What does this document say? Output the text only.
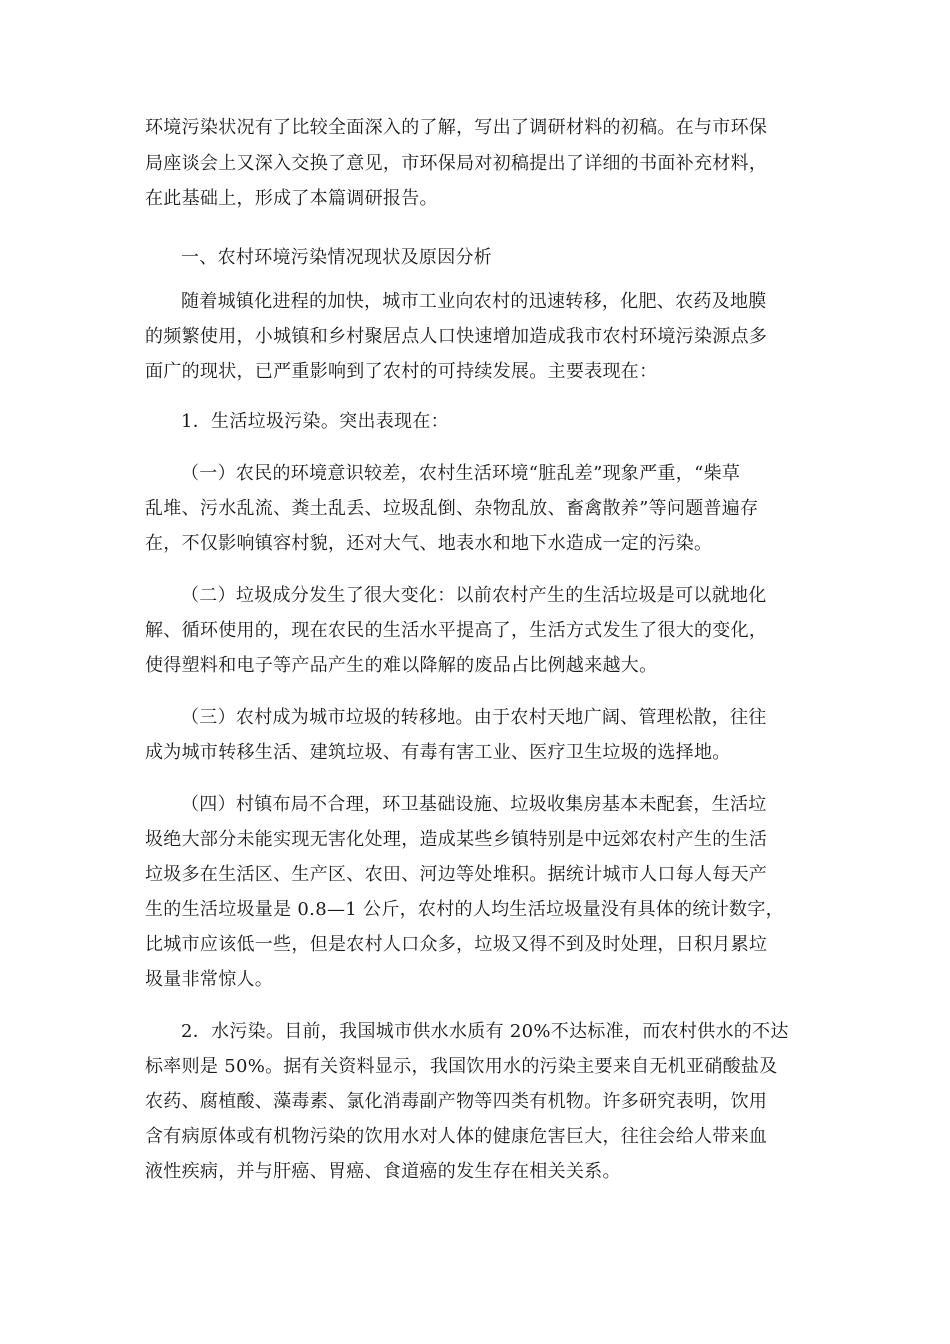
环境污染状况有了比较全面深入的了解，写出了调研材料的初稿。在与市环保
局座谈会上又深入交换了意见，市环保局对初稿提出了详细的书面补充材料，
在此基础上，形成了本篇调研报告。
一、农村环境污染情况现状及原因分析
随着城镇化进程的加快，城市工业向农村的迅速转移，化肥、农药及地膜
的频繁使用，小城镇和乡村聚居点人口快速增加造成我市农村环境污染源点多
面广的现状，已严重影响到了农村的可持续发展。主要表现在：
1．生活垃圾污染。突出表现在：
（一）农民的环境意识较差，农村生活环境“脏乱差”现象严重，“柴草
乱堆、污水乱流、粪土乱丢、垃圾乱倒、杂物乱放、畜禽散养”等问题普遍存
在，不仅影响镇容村貌，还对大气、地表水和地下水造成一定的污染。
（二）垃圾成分发生了很大变化：以前农村产生的生活垃圾是可以就地化
解、循环使用的，现在农民的生活水平提高了，生活方式发生了很大的变化，
使得塑料和电子等产品产生的难以降解的废品占比例越来越大。
（三）农村成为城市垃圾的转移地。由于农村天地广阔、管理松散，往往
成为城市转移生活、建筑垃圾、有毒有害工业、医疗卫生垃圾的选择地。
（四）村镇布局不合理，环卫基础设施、垃圾收集房基本未配套，生活垃
圾绝大部分未能实现无害化处理，造成某些乡镇特别是中远郊农村产生的生活
垃圾多在生活区、生产区、农田、河边等处堆积。据统计城市人口每人每天产
生的生活垃圾量是 0.8—1 公斤，农村的人均生活垃圾量没有具体的统计数字，
比城市应该低一些，但是农村人口众多，垃圾又得不到及时处理，日积月累垃
圾量非常惊人。
2．水污染。目前，我国城市供水水质有 20%不达标准，而农村供水的不达
标率则是 50%。据有关资料显示，我国饮用水的污染主要来自无机亚硝酸盐及
农药、腐植酸、藻毒素、氯化消毒副产物等四类有机物。许多研究表明，饮用
含有病原体或有机物污染的饮用水对人体的健康危害巨大，往往会给人带来血
液性疾病，并与肝癌、胃癌、食道癌的发生存在相关关系。
